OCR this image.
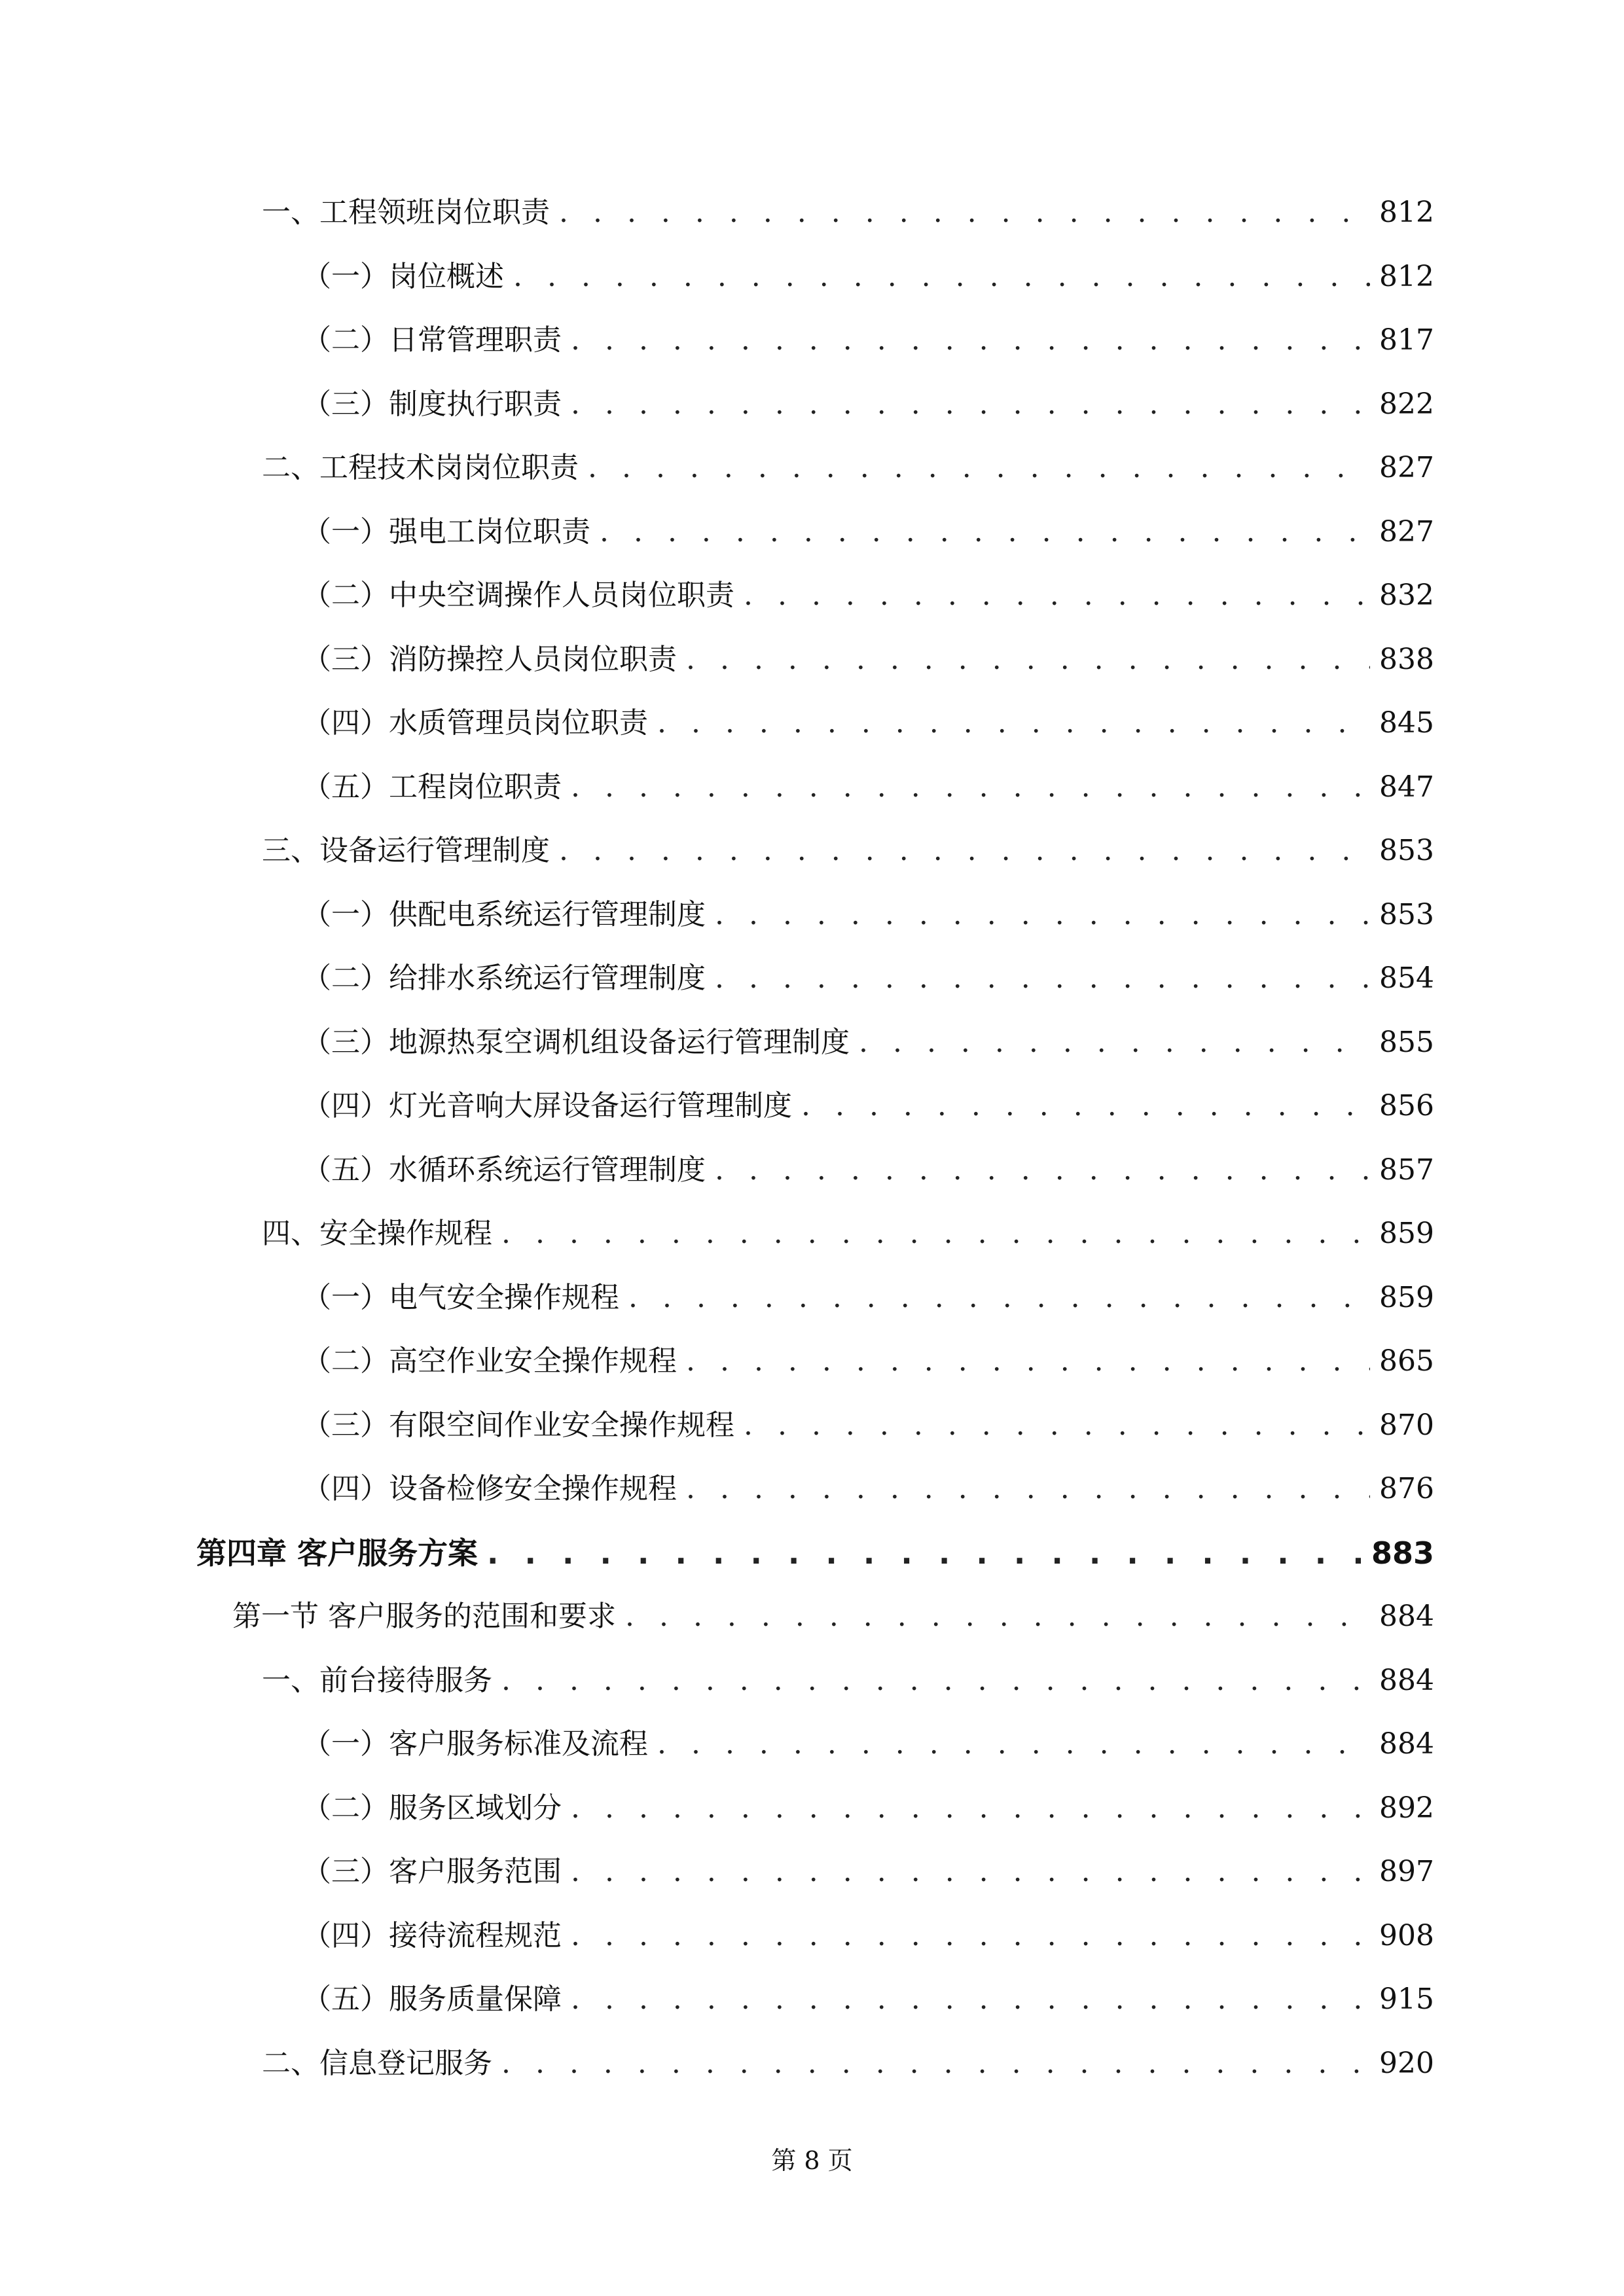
一、 工程领班岗位职责 . . .	812
（一） 岗位概述 . . .	812
（二） 日常管理职责 . . .	817
（三） 制度执行职责 . . .	822
二、 工程技术岗岗位职责 . . .	827
（一） 强电工岗位职责 . . .	827
（二） 中央空调操作人员岗位职责 . . .	832
（三） 消防操控人员岗位职责 . . .	838
（四） 水质管理员岗位职责 . . .	845
（五） 工程岗位职责 . . .	847
三、 设备运行管理制度 . . .	853
（一） 供配电系统运行管理制度 . . .	853
（二） 给排水系统运行管理制度 . . .	854
（三） 地源热泵空调机组设备运行管理制度 . . .	855
（四） 灯光音响大屏设备运行管理制度 . . .	856
（五） 水循环系统运行管理制度 . . .	857
四、 安全操作规程 . . .	859
（一） 电气安全操作规程 . . .	859
（二） 高空作业安全操作规程 . . .	865
（三） 有限空间作业安全操作规程 . . .	870
（四） 设备检修安全操作规程 . . .	876
第四章 客户服务方案 . . .	883
第一节 客户服务的范围和要求 . . .	884
一、 前台接待服务 . . .	884
（一） 客户服务标准及流程 . . .	884
（二） 服务区域划分 . . .	892
（三） 客户服务范围 . . .	897
（四） 接待流程规范 . . .	908
（五） 服务质量保障 . . .	915
二、 信息登记服务 . . .	920
第 8 页
